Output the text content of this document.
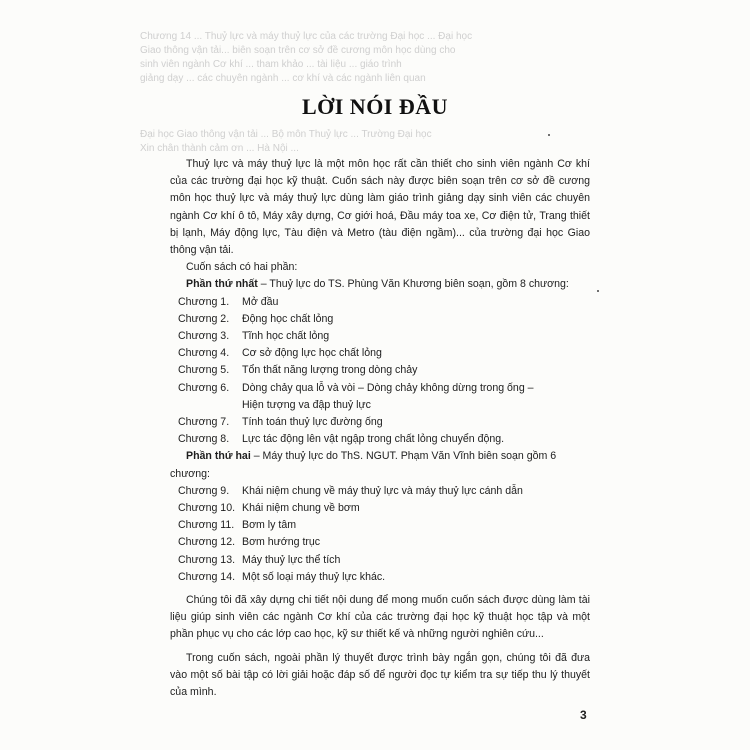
Chương 14 ... Thuỷ lực và máy thuỷ lực của các trường Đại học ... Đại học
Giao thông vận tải... biên soạn trên cơ sở đề cương môn học dùng cho
sinh viên ngành Cơ khí ... tham khảo ... tài liệu ... giáo trình
giảng dạy ... các chuyên ngành ... cơ khí và các ngành liên quan
Đại học Giao thông vận tải ... Bộ môn Thuỷ lực ... Trường Đại học
Xin chân thành cảm ơn ... Hà Nội ...
LỜI NÓI ĐẦU

Thuỷ lực và máy thuỷ lực là một môn học rất cần thiết cho sinh viên ngành Cơ khí của các trường đại học kỹ thuật. Cuốn sách này được biên soạn trên cơ sở đề cương môn học thuỷ lực và máy thuỷ lực dùng làm giáo trình giảng dạy sinh viên các chuyên ngành Cơ khí ô tô, Máy xây dựng, Cơ giới hoá, Đầu máy toa xe, Cơ điện tử, Trang thiết bị lạnh, Máy động lực, Tàu điện và Metro (tàu điện ngầm)... của trường đại học Giao thông vận tải.

Cuốn sách có hai phần:

Phần thứ nhất – Thuỷ lực do TS. Phùng Văn Khương biên soạn, gồm 8 chương:

Chương 1.	Mở đầu
Chương 2.	Động học chất lỏng
Chương 3.	Tĩnh học chất lỏng
Chương 4.	Cơ sở động lực học chất lỏng
Chương 5.	Tổn thất năng lượng trong dòng chảy
Chương 6.	Dòng chảy qua lỗ và vòi – Dòng chảy không dừng trong ống – Hiện tượng va đập thuỷ lực
Chương 7.	Tính toán thuỷ lực đường ống
Chương 8.	Lực tác động lên vật ngập trong chất lỏng chuyển động.

Phần thứ hai – Máy thuỷ lực do ThS. NGUT. Phạm Văn Vĩnh biên soạn gồm 6 chương:

Chương 9.	Khái niệm chung về máy thuỷ lực và máy thuỷ lực cánh dẫn
Chương 10. Khái niệm chung về bơm
Chương 11. Bơm ly tâm
Chương 12. Bơm hướng trục
Chương 13. Máy thuỷ lực thể tích
Chương 14. Một số loại máy thuỷ lực khác.

Chúng tôi đã xây dựng chi tiết nội dung để mong muốn cuốn sách được dùng làm tài liệu giúp sinh viên các ngành Cơ khí của các trường đại học kỹ thuật học tập và một phần phục vụ cho các lớp cao học, kỹ sư thiết kế và những người nghiên cứu...

Trong cuốn sách, ngoài phần lý thuyết được trình bày ngắn gọn, chúng tôi đã đưa vào một số bài tập có lời giải hoặc đáp số để người đọc tự kiểm tra sự tiếp thu lý thuyết của mình.

3
